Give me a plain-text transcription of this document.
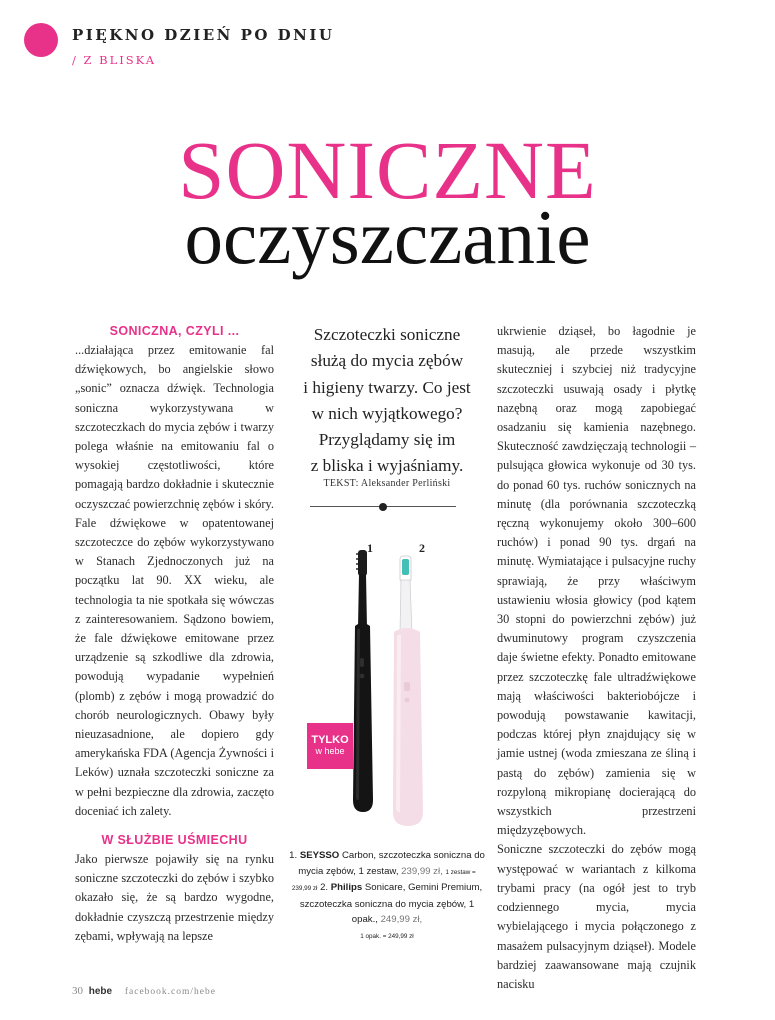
PIĘKNO DZIEŃ PO DNIU
/ Z BLISKA
SONICZNE
oczyszczanie
SONICZNA, CZYLI ...

...działająca przez emitowanie fal dźwiękowych, bo angielskie słowo „sonic” oznacza dźwięk. Technologia soniczna wykorzystywana w szczoteczkach do mycia zębów i twarzy polega właśnie na emitowaniu fal o wysokiej częstotliwości, które pomagają bardzo dokładnie i skutecznie oczyszczać powierzchnię zębów i skóry.

Fale dźwiękowe w opatentowanej szczoteczce do zębów wykorzystywano w Stanach Zjednoczonych już na początku lat 90. XX wieku, ale technologia ta nie spotkała się wówczas z zainteresowaniem. Sądzono bowiem, że fale dźwiękowe emitowane przez urządzenie są szkodliwe dla zdrowia, powodują wypadanie wypełnień (plomb) z zębów i mogą prowadzić do chorób neurologicznych. Obawy były nieuzasadnione, ale dopiero gdy amerykańska FDA (Agencja Żywności i Leków) uznała szczoteczki soniczne za w pełni bezpieczne dla zdrowia, zaczęto doceniać ich zalety.

W SŁUŻBIE UŚMIECHU

Jako pierwsze pojawiły się na rynku soniczne szczoteczki do zębów i szybko okazało się, że są bardzo wygodne, dokładnie czyszczą przestrzenie między zębami, wpływają na lepsze

Szczoteczki soniczne
służą do mycia zębów
i higieny twarzy. Co jest
w nich wyjątkowego?
Przyglądamy się im
z bliska i wyjaśniamy.
TEKST: Aleksander Perliński
1	2
TYLKO
w hebe
1. SEYSSO Carbon, szczoteczka soniczna do mycia zębów, 1 zestaw, 239,99 zł, 1 zestaw = 239,99 zł 2. Philips Sonicare, Gemini Premium, szczoteczka soniczna do mycia zębów, 1 opak., 249,99 zł,
1 opak. = 249,99 zł

ukrwienie dziąseł, bo łagodnie je masują, ale przede wszystkim skuteczniej i szybciej niż tradycyjne szczoteczki usuwają osady i płytkę nazębną oraz mogą zapobiegać osadzaniu się kamienia nazębnego. Skuteczność zawdzięczają technologii – pulsująca głowica wykonuje od 30 tys. do ponad 60 tys. ruchów sonicznych na minutę (dla porównania szczoteczką ręczną wykonujemy około 300–600 ruchów) i ponad 90 tys. drgań na minutę. Wymiatające i pulsacyjne ruchy sprawiają, że przy właściwym ustawieniu włosia głowicy (pod kątem 30 stopni do powierzchni zębów) już dwuminutowy program czyszczenia daje świetne efekty. Ponadto emitowane przez szczoteczkę fale ultradźwiękowe mają właściwości bakteriobójcze i powodują powstawanie kawitacji, podczas której płyn znajdujący się w jamie ustnej (woda zmieszana ze śliną i pastą do zębów) zamienia się w rozpyloną mikropianę docierającą do wszystkich przestrzeni międzyzębowych.

Soniczne szczoteczki do zębów mogą występować w wariantach z kilkoma trybami pracy (na ogół jest to tryb codziennego mycia, mycia wybielającego i mycia połączonego z masażem pulsacyjnym dziąseł). Modele bardziej zaawansowane mają czujnik nacisku

30 hebe facebook.com/hebe
